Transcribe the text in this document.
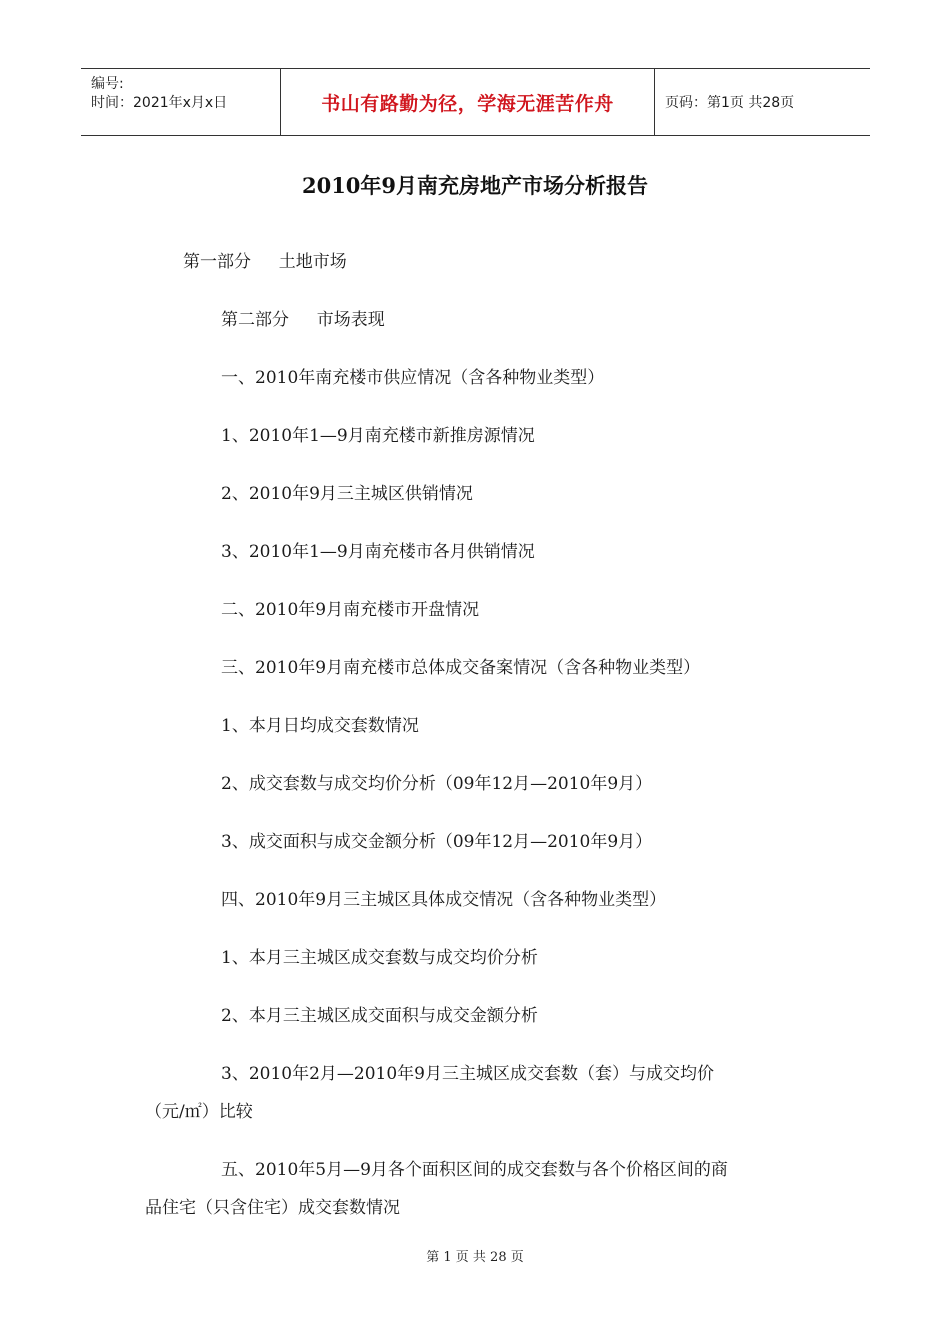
编号:
时间：2021年x月x日	书山有路勤为径，学海无涯苦作舟	页码：第1页 共28页
2010年9月南充房地产市场分析报告
第一部分 　 土地市场
第二部分 　 市场表现
一、2010年南充楼市供应情况（含各种物业类型）
1、2010年1—9月南充楼市新推房源情况
2、2010年9月三主城区供销情况
3、2010年1—9月南充楼市各月供销情况
二、2010年9月南充楼市开盘情况
三、2010年9月南充楼市总体成交备案情况（含各种物业类型）
1、本月日均成交套数情况
2、成交套数与成交均价分析（09年12月—2010年9月）
3、成交面积与成交金额分析（09年12月—2010年9月）
四、2010年9月三主城区具体成交情况（含各种物业类型）
1、本月三主城区成交套数与成交均价分析
2、本月三主城区成交面积与成交金额分析
3、2010年2月—2010年9月三主城区成交套数（套）与成交均价
（元/㎡）比较
五、2010年5月—9月各个面积区间的成交套数与各个价格区间的商
品住宅（只含住宅）成交套数情况
第 1 页 共 28 页
